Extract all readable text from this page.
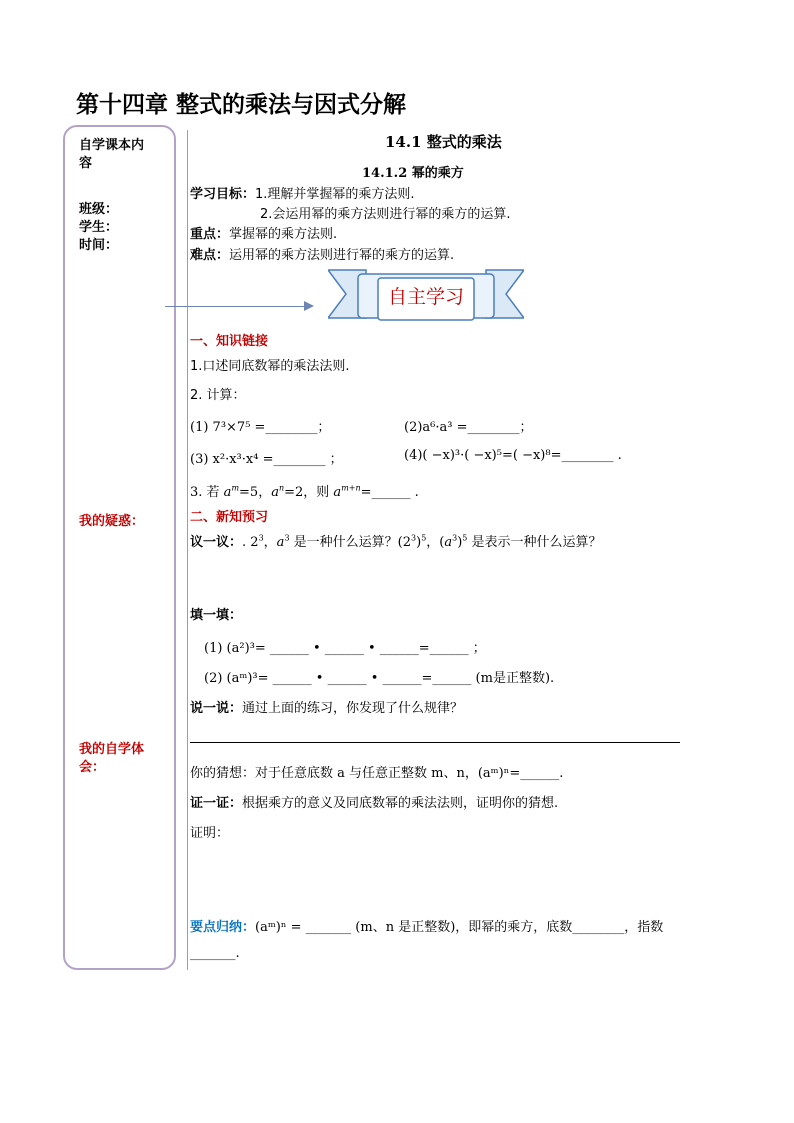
第十四章 整式的乘法与因式分解
自学课本内
容
班级：
学生：
时间：
我的疑惑：
我的自学体
会：
14.1 整式的乘法
14.1.2 幂的乘方
学习目标：1.理解并掌握幂的乘方法则.
2.会运用幂的乘方法则进行幂的乘方的运算.
重点：掌握幂的乘方法则.
难点：运用幂的乘方法则进行幂的乘方的运算.
自主学习
一、知识链接
1.口述同底数幂的乘法法则.
2. 计算：
(1) 7³×7⁵ =________；	(2)a⁶·a³ =________；
(3) x²·x³·x⁴ =________ ；	(4)( −x)³·( −x)⁵=( −x)⁸=________ .
3. 若 $a^m=5$，$a^n=2$，则 $a^{m+n}=\_\_\_\_\_\_$ .
二、新知预习
议一议：. $2^3$，$a^3$ 是一种什么运算？$(2^3)^5$，$(a^3)^5$ 是表示一种什么运算？
填一填：
(1) (a²)³= ______ • ______ • ______=______ ；
(2) (aᵐ)³= ______ • ______ • ______=______ (m是正整数).
说一说：通过上面的练习，你发现了什么规律？
你的猜想：对于任意底数 a 与任意正整数 m、n，(aᵐ)ⁿ=______.
证一证：根据乘方的意义及同底数幂的乘法法则，证明你的猜想.
证明：
要点归纳：(aᵐ)ⁿ = _______ (m、n 是正整数)，即幂的乘方，底数________，指数
_______.
